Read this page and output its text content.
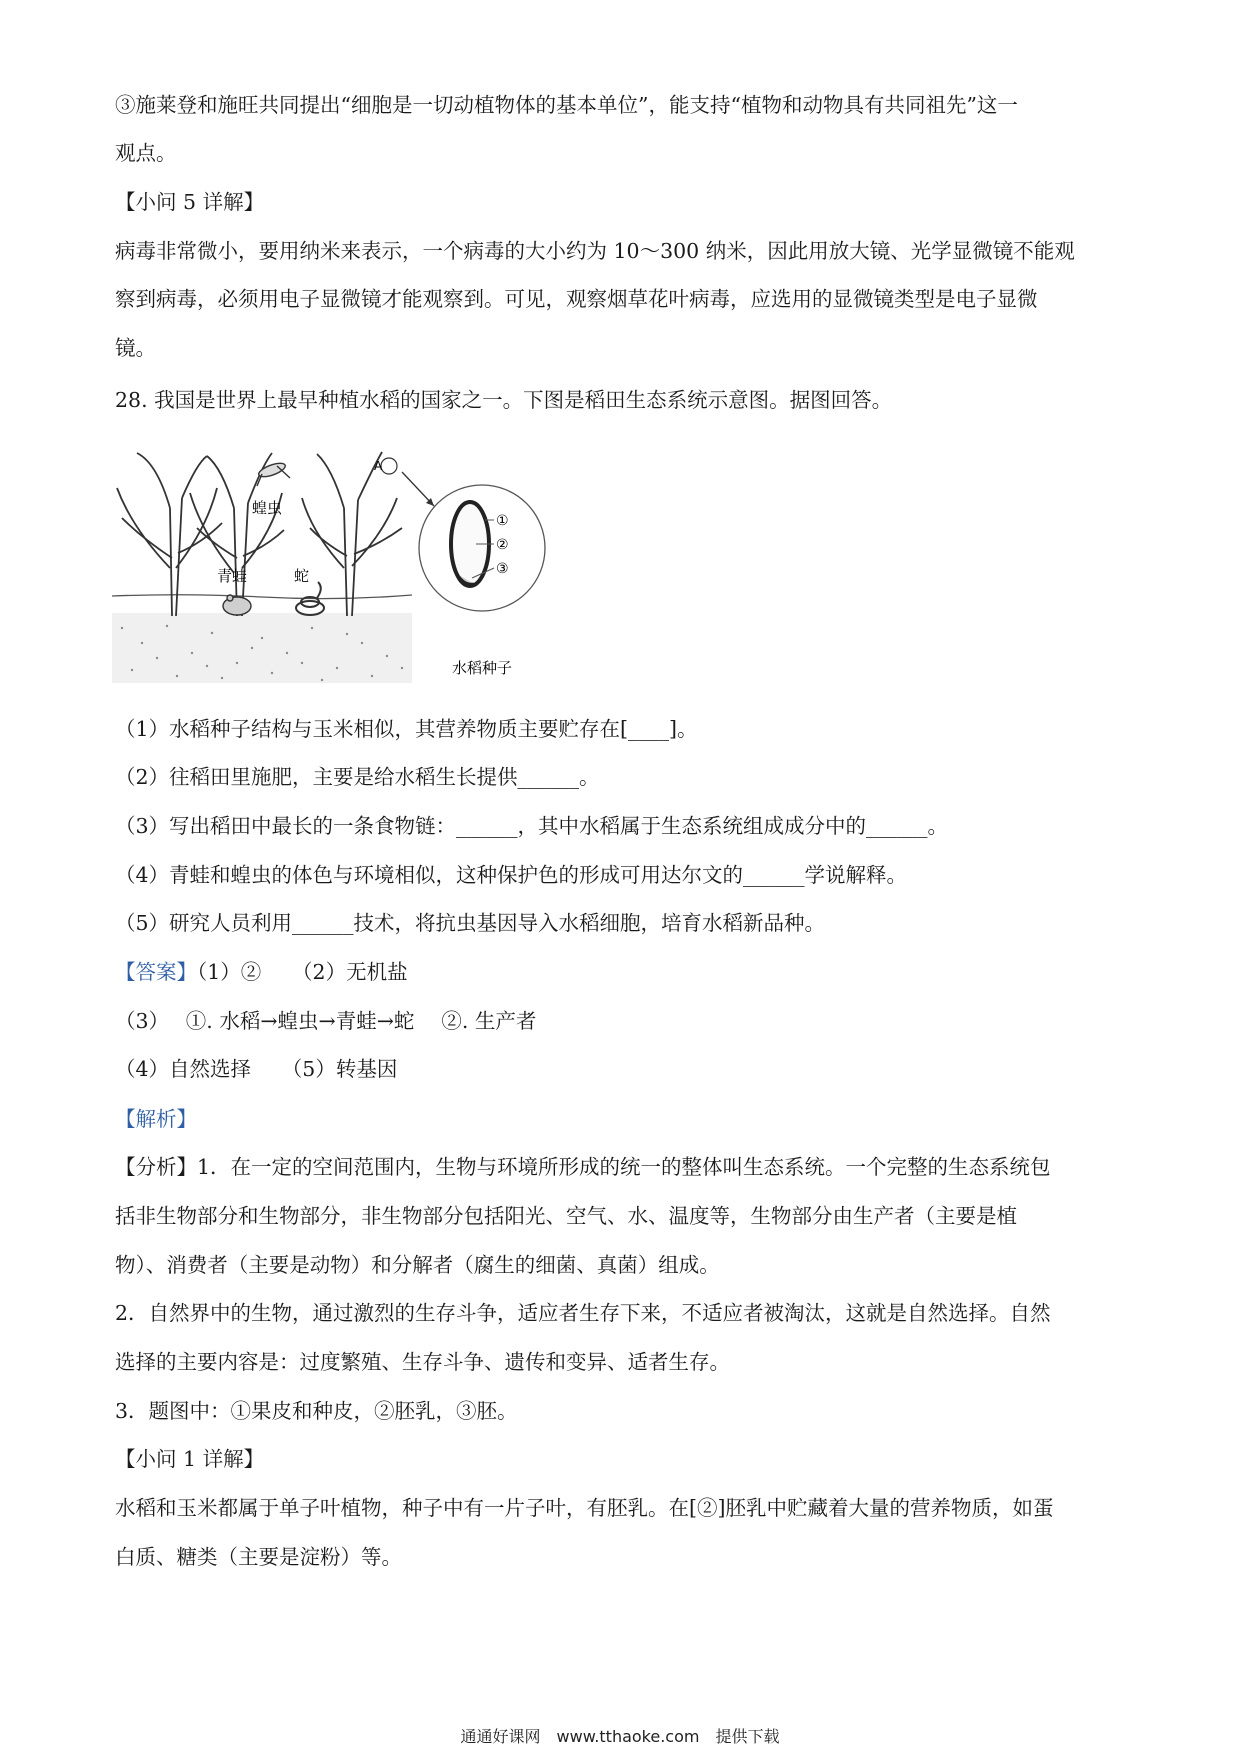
③施莱登和施旺共同提出“细胞是一切动植物体的基本单位”，能支持“植物和动物具有共同祖先”这一
观点。
【小问 5 详解】
病毒非常微小，要用纳米来表示，一个病毒的大小约为 10～300 纳米，因此用放大镜、光学显微镜不能观
察到病毒，必须用电子显微镜才能观察到。可见，观察烟草花叶病毒，应选用的显微镜类型是电子显微
镜。
28. 我国是世界上最早种植水稻的国家之一。下图是稻田生态系统示意图。据图回答。
蝗虫
青蛙	蛇
A
①
②
③
水稻种子
（1）水稻种子结构与玉米相似，其营养物质主要贮存在[____]。
（2）往稻田里施肥，主要是给水稻生长提供______。
（3）写出稻田中最长的一条食物链：______，其中水稻属于生态系统组成成分中的______。
（4）青蛙和蝗虫的体色与环境相似，这种保护色的形成可用达尔文的______学说解释。
（5）研究人员利用______技术，将抗虫基因导入水稻细胞，培育水稻新品种。
【答案】（1）②　　（2）无机盐
（3）　 ①. 水稻→蝗虫→青蛙→蛇　 ②. 生产者
（4）自然选择　　（5）转基因
【解析】
【分析】1．在一定的空间范围内，生物与环境所形成的统一的整体叫生态系统。一个完整的生态系统包
括非生物部分和生物部分，非生物部分包括阳光、空气、水、温度等，生物部分由生产者（主要是植
物）、消费者（主要是动物）和分解者（腐生的细菌、真菌）组成。
2．自然界中的生物，通过激烈的生存斗争，适应者生存下来，不适应者被淘汰，这就是自然选择。自然
选择的主要内容是：过度繁殖、生存斗争、遗传和变异、适者生存。
3．题图中：①果皮和种皮，②胚乳，③胚。
【小问 1 详解】
水稻和玉米都属于单子叶植物，种子中有一片子叶，有胚乳。在[②]胚乳中贮藏着大量的营养物质，如蛋
白质、糖类（主要是淀粉）等。
通通好课网　www.tthaoke.com　提供下载
